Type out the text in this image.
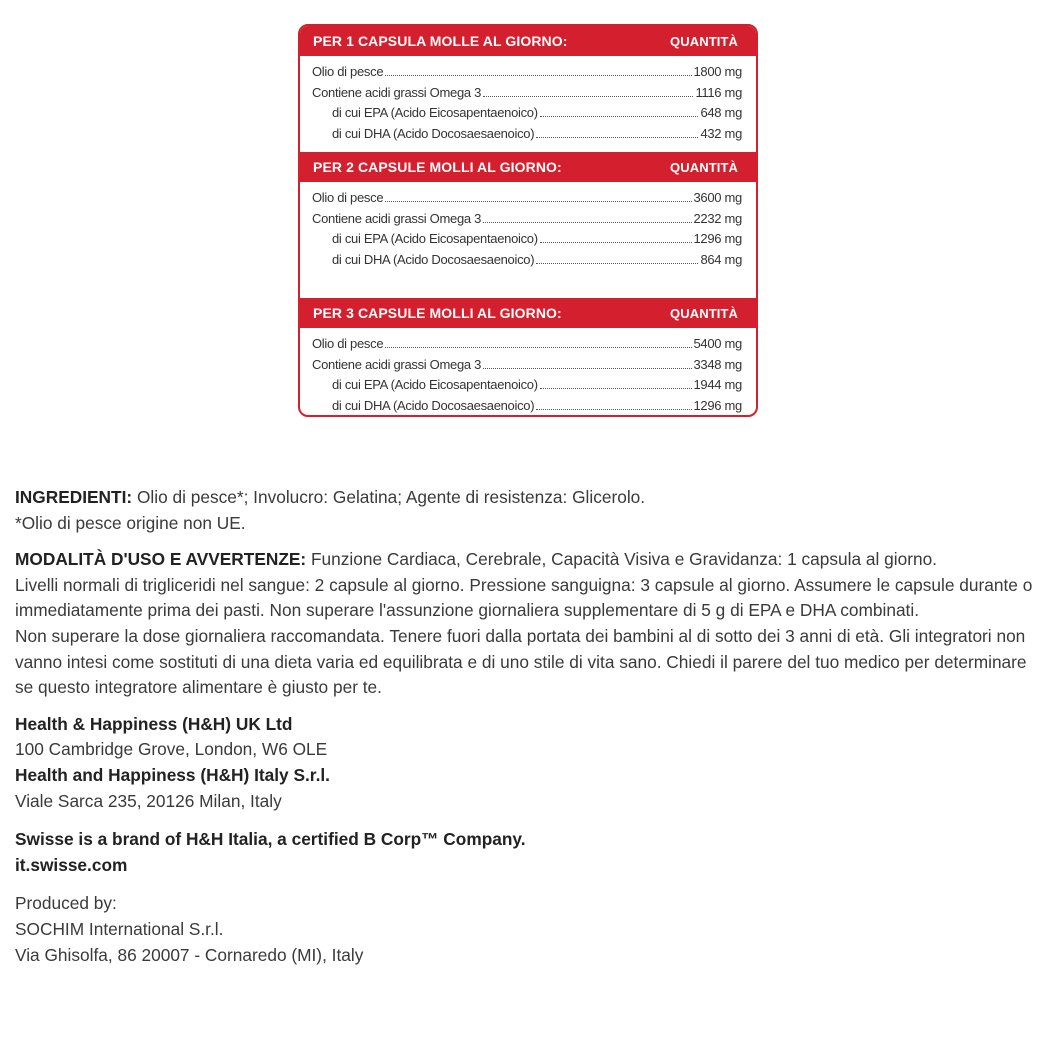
PER 1 CAPSULA MOLLE AL GIORNO:	QUANTITÀ
Olio di pesce	1800 mg
Contiene acidi grassi Omega 3	1116 mg
di cui EPA (Acido Eicosapentaenoico)	648 mg
di cui DHA (Acido Docosaesaenoico)	432 mg
PER 2 CAPSULE MOLLI AL GIORNO:	QUANTITÀ
Olio di pesce	3600 mg
Contiene acidi grassi Omega 3	2232 mg
di cui EPA (Acido Eicosapentaenoico)	1296 mg
di cui DHA (Acido Docosaesaenoico)	864 mg
PER 3 CAPSULE MOLLI AL GIORNO:	QUANTITÀ
Olio di pesce	5400 mg
Contiene acidi grassi Omega 3	3348 mg
di cui EPA (Acido Eicosapentaenoico)	1944 mg
di cui DHA (Acido Docosaesaenoico)	1296 mg

INGREDIENTI: Olio di pesce*; Involucro: Gelatina; Agente di resistenza: Glicerolo.

*Olio di pesce origine non UE.

MODALITÀ D'USO E AVVERTENZE: Funzione Cardiaca, Cerebrale, Capacità Visiva e Gravidanza: 1 capsula al giorno.

Livelli normali di trigliceridi nel sangue: 2 capsule al giorno. Pressione sanguigna: 3 capsule al giorno. Assumere le capsule durante o immediatamente prima dei pasti. Non superare l'assunzione giornaliera supplementare di 5 g di EPA e DHA combinati.

Non superare la dose giornaliera raccomandata. Tenere fuori dalla portata dei bambini al di sotto dei 3 anni di età. Gli integratori non vanno intesi come sostituti di una dieta varia ed equilibrata e di uno stile di vita sano. Chiedi il parere del tuo medico per determinare se questo integratore alimentare è giusto per te.

Health & Happiness (H&H) UK Ltd

100 Cambridge Grove, London, W6 OLE

Health and Happiness (H&H) Italy S.r.l.

Viale Sarca 235, 20126 Milan, Italy

Swisse is a brand of H&H Italia, a certified B Corp™ Company.

it.swisse.com

Produced by:

SOCHIM International S.r.l.

Via Ghisolfa, 86 20007 - Cornaredo (MI), Italy
